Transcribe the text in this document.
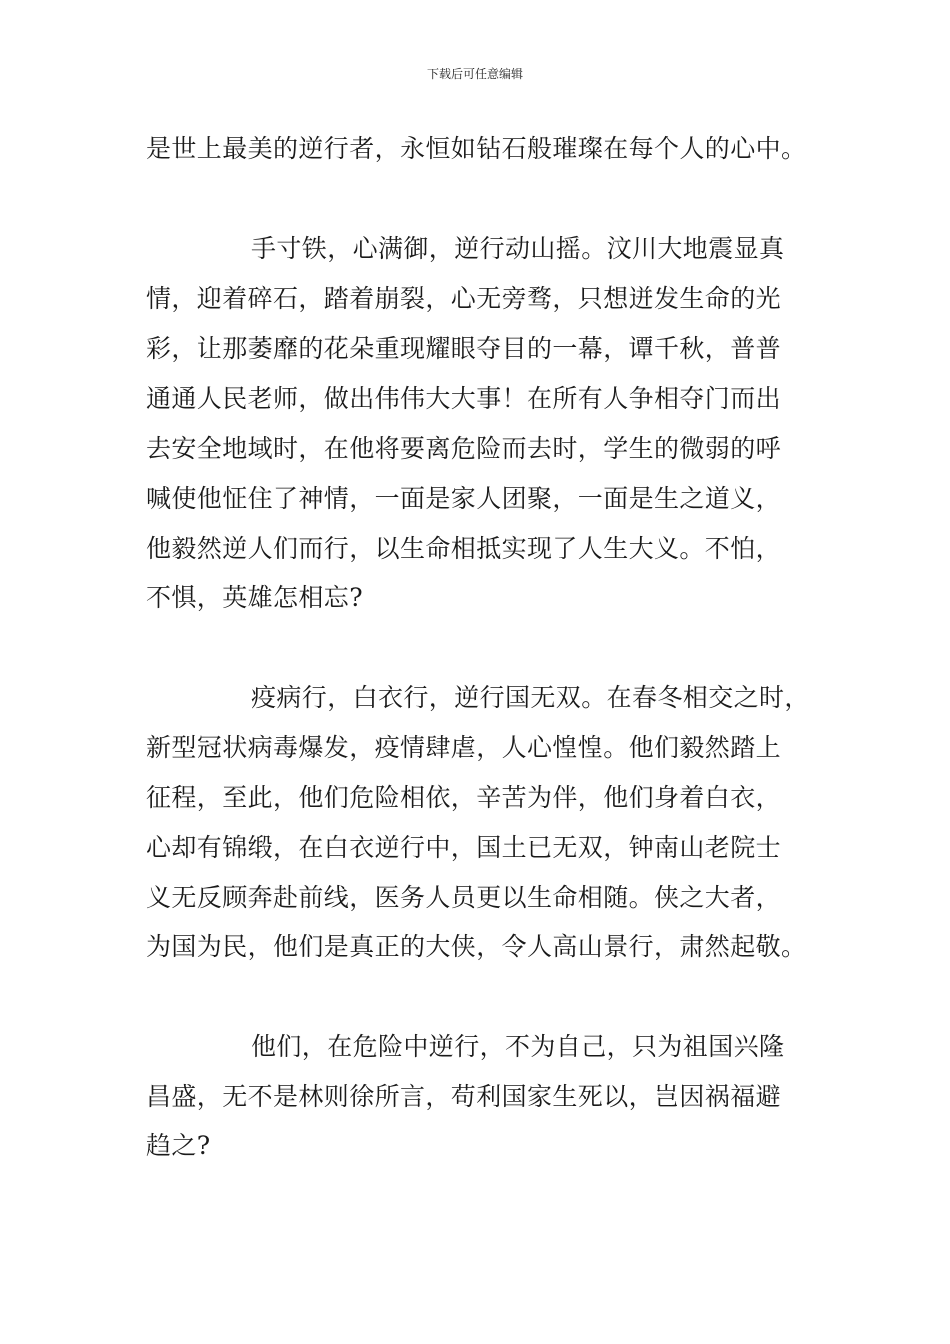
下载后可任意编辑
是世上最美的逆行者，永恒如钻石般璀璨在每个人的心中。
手寸铁，心满御，逆行动山摇。汶川大地震显真
情，迎着碎石，踏着崩裂，心无旁骛，只想迸发生命的光
彩，让那萎靡的花朵重现耀眼夺目的一幕，谭千秋，普普
通通人民老师，做出伟伟大大事！在所有人争相夺门而出
去安全地域时，在他将要离危险而去时，学生的微弱的呼
喊使他怔住了神情，一面是家人团聚，一面是生之道义，
他毅然逆人们而行，以生命相抵实现了人生大义。不怕，
不惧，英雄怎相忘?
疫病行，白衣行，逆行国无双。在春冬相交之时，
新型冠状病毒爆发，疫情肆虐，人心惶惶。他们毅然踏上
征程，至此，他们危险相依，辛苦为伴，他们身着白衣，
心却有锦缎，在白衣逆行中，国土已无双，钟南山老院士
义无反顾奔赴前线，医务人员更以生命相随。侠之大者，
为国为民，他们是真正的大侠，令人高山景行，肃然起敬。
他们，在危险中逆行，不为自己，只为祖国兴隆
昌盛，无不是林则徐所言，苟利国家生死以，岂因祸福避
趋之?
